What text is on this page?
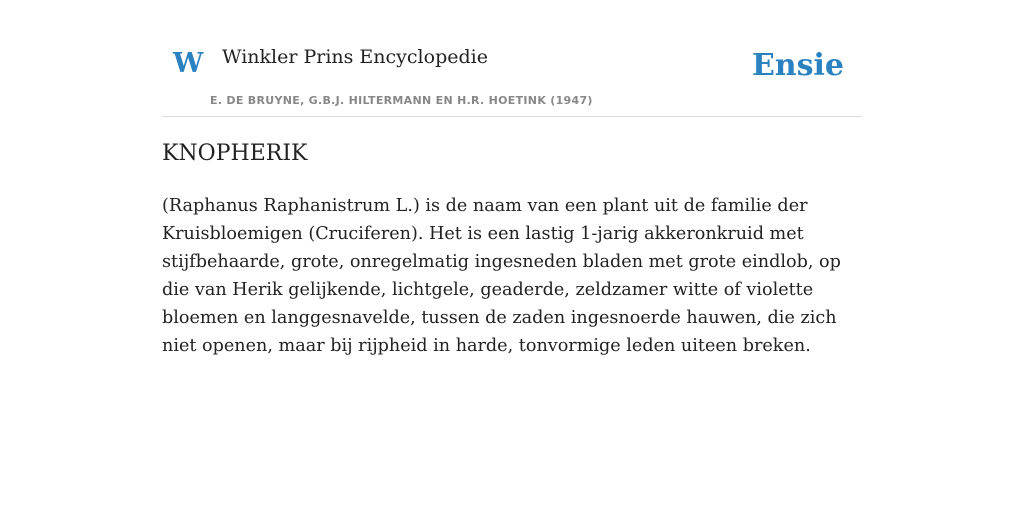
W Winkler Prins Encyclopedie
E. DE BRUYNE, G.B.J. HILTERMANN EN H.R. HOETINK (1947)
Ensie
KNOPHERIK

(Raphanus Raphanistrum L.) is de naam van een plant uit de familie der Kruisbloemigen (Cruciferen). Het is een lastig 1-jarig akkeronkruid met stijfbehaarde, grote, onregelmatig ingesneden bladen met grote eindlob, op die van Herik gelijkende, lichtgele, geaderde, zeldzamer witte of violette bloemen en langgesnavelde, tussen de zaden ingesnoerde hauwen, die zich niet openen, maar bij rijpheid in harde, tonvormige leden uiteen breken.
